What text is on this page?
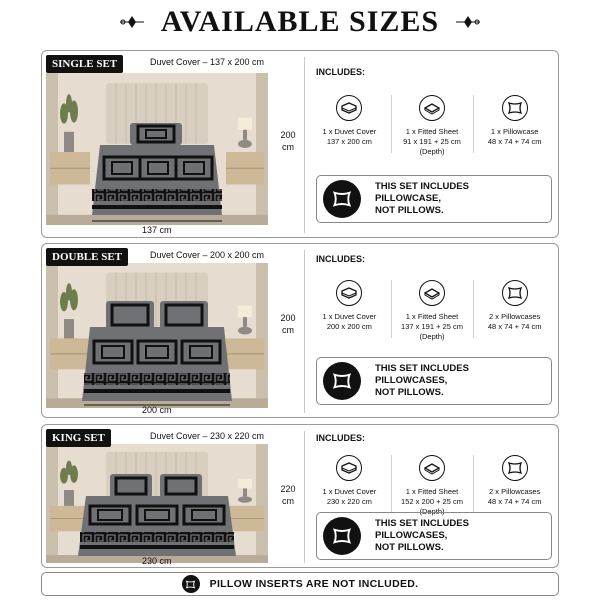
AVAILABLE SIZES
SINGLE SET	Duvet Cover – 137 x 200 cm
137 cm
200
cm
INCLUDES:
1 x Duvet Cover
137 x 200 cm
1 x Fitted Sheet
91 x 191 + 25 cm
(Depth)
1 x Pillowcase
48 x 74 + 74 cm
THIS SET INCLUDES
PILLOWCASE,
NOT PILLOWS.
DOUBLE SET	Duvet Cover – 200 x 200 cm
200 cm
200
cm
INCLUDES:
1 x Duvet Cover
200 x 200 cm
1 x Fitted Sheet
137 x 191 + 25 cm
(Depth)
2 x Pillowcases
48 x 74 + 74 cm
THIS SET INCLUDES
PILLOWCASES,
NOT PILLOWS.
KING SET	Duvet Cover – 230 x 220 cm
230 cm
220
cm
INCLUDES:
1 x Duvet Cover
230 x 220 cm
1 x Fitted Sheet
152 x 200 + 25 cm
(Depth)
2 x Pillowcases
48 x 74 + 74 cm
THIS SET INCLUDES
PILLOWCASES,
NOT PILLOWS.
PILLOW INSERTS ARE NOT INCLUDED.
